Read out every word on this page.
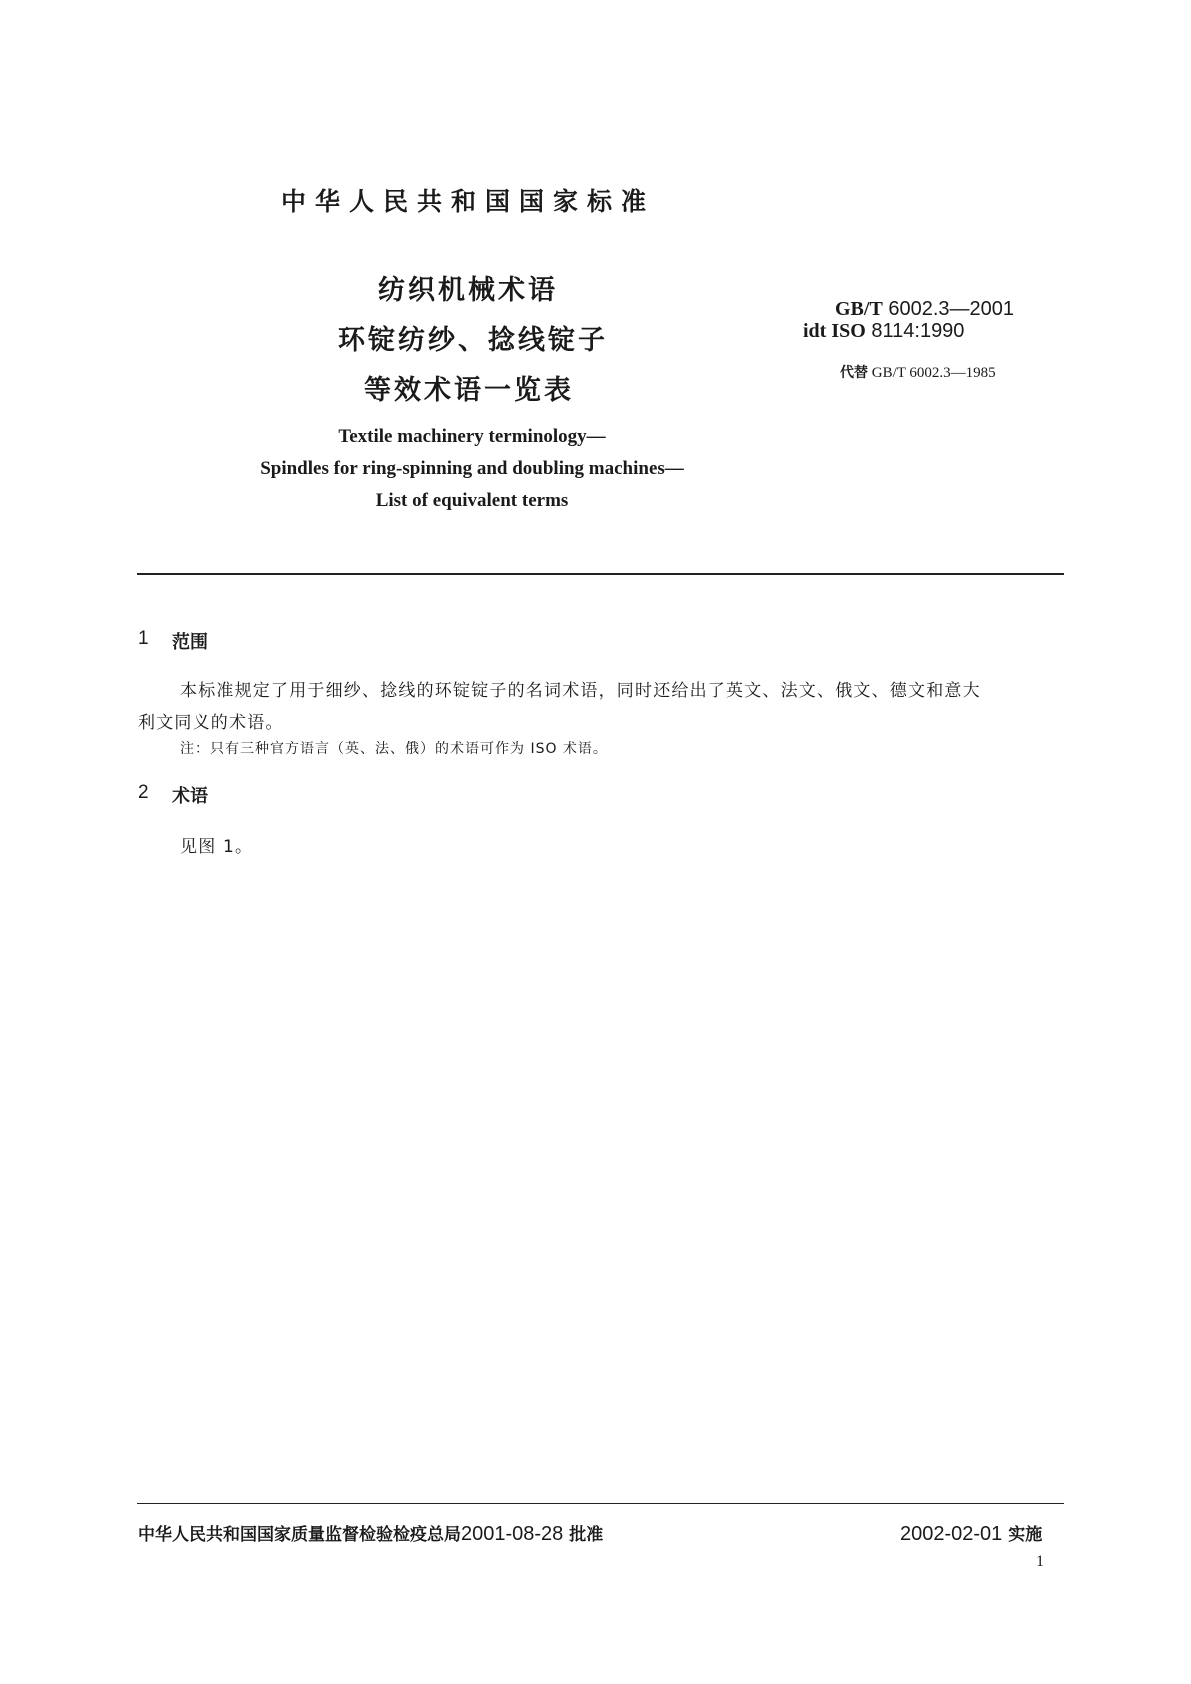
中华人民共和国国家标准
纺织机械术语
环锭纺纱、捻线锭子
等效术语一览表
GB/T 6002.3—2001
idt ISO 8114:1990
代替 GB/T 6002.3—1985
Textile machinery terminology—
Spindles for ring-spinning and doubling machines—
List of equivalent terms
1 范围
本标准规定了用于细纱、捻线的环锭锭子的名词术语，同时还给出了英文、法文、俄文、德文和意大
利文同义的术语。
注：只有三种官方语言（英、法、俄）的术语可作为 ISO 术语。
2 术语
见图 1。
中华人民共和国国家质量监督检验检疫总局2001-08-28 批准	2002-02-01 实施
1
